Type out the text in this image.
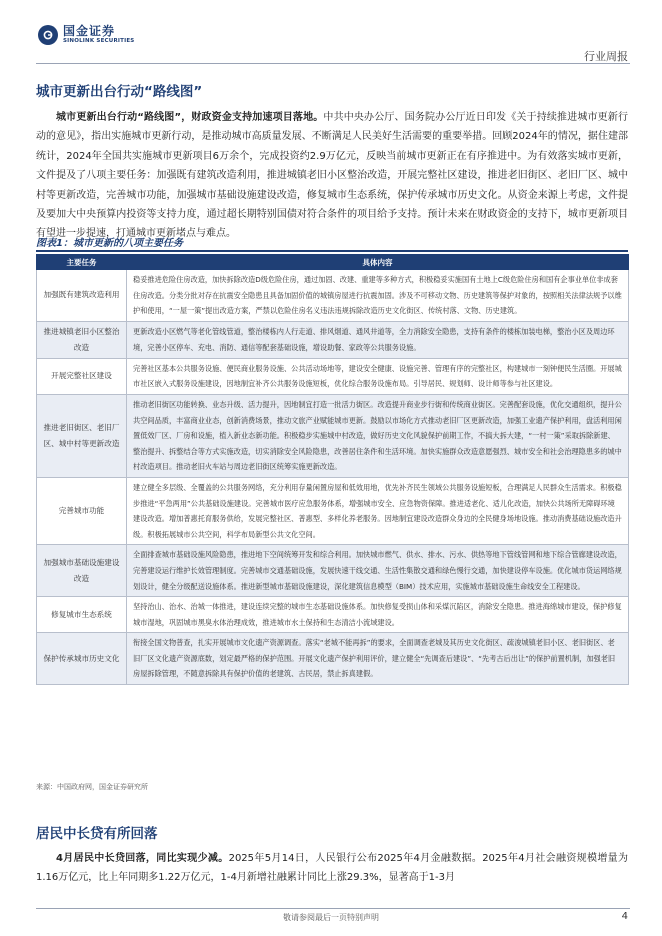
国金证券
SINOLINK SECURITIES
行业周报
城市更新出台行动“路线图”
城市更新出台行动“路线图”，财政资金支持加速项目落地。中共中央办公厅、国务院办公厅近日印发《关于持续推进城市更新行动的意见》，指出实施城市更新行动，是推动城市高质量发展、不断满足人民美好生活需要的重要举措。回顾2024年的情况，据住建部统计，2024年全国共实施城市更新项目6万余个，完成投资约2.9万亿元，反映当前城市更新正在有序推进中。为有效落实城市更新，文件提及了八项主要任务：加强既有建筑改造利用，推进城镇老旧小区整治改造，开展完整社区建设，推进老旧街区、老旧厂区、城中村等更新改造，完善城市功能，加强城市基础设施建设改造，修复城市生态系统，保护传承城市历史文化。从资金来源上考虑，文件提及要加大中央预算内投资等支持力度，通过超长期特别国债对符合条件的项目给予支持。预计未来在财政资金的支持下，城市更新项目有望进一步提速，打通城市更新堵点与难点。
图表1：城市更新的八项主要任务
主要任务	具体内容
加强既有建筑改造利用	稳妥推进危险住房改造，加快拆除改造D级危险住房，通过加固、改建、重建等多种方式，积极稳妥实施国有土地上C级危险住房和国有企事业单位非成套住房改造。分类分批对存在抗震安全隐患且具备加固价值的城镇房屋进行抗震加固。涉及不可移动文物、历史建筑等保护对象的，按照相关法律法规予以维护和使用，“一屋一策”提出改造方案，严禁以危险住房名义违法违规拆除改造历史文化街区、传统村落、文物、历史建筑。
推进城镇老旧小区整治改造	更新改造小区燃气等老化管线管道，整治楼栋内人行走道、排风烟道、通风井道等，全力消除安全隐患，支持有条件的楼栋加装电梯，整治小区及周边环境，完善小区停车、充电、消防、通信等配套基础设施，增设助餐、家政等公共服务设施。
开展完整社区建设	完善社区基本公共服务设施、便民商业服务设施、公共活动场地等，建设安全健康、设施完善、管理有序的完整社区，构建城市一刻钟便民生活圈。开展城市社区嵌入式服务设施建设，因地制宜补齐公共服务设施短板，优化综合服务设施布局。引导居民、规划师、设计师等参与社区建设。
推进老旧街区、老旧厂区、城中村等更新改造	推动老旧街区功能转换、业态升级、活力提升，因地制宜打造一批活力街区。改造提升商业步行街和传统商业街区。完善配套设施，优化交通组织，提升公共空间品质，丰富商业业态，创新消费场景，推动文旅产业赋能城市更新。鼓励以市场化方式推动老旧厂区更新改造，加强工业遗产保护利用，盘活利用闲置低效厂区、厂房和设施，植入新业态新功能。积极稳步实施城中村改造，做好历史文化风貌保护前期工作，不搞大拆大建，“一村一策”采取拆除新建、整治提升、拆整结合等方式实施改造，切实消除安全风险隐患，改善居住条件和生活环境。加快实施群众改造意愿强烈、城市安全和社会治理隐患多的城中村改造项目。推动老旧火车站与周边老旧街区统筹实施更新改造。
完善城市功能	建立健全多层级、全覆盖的公共服务网络，充分利用存量闲置房屋和低效用地，优先补齐民生领域公共服务设施短板，合理满足人民群众生活需求。积极稳步推进“平急两用”公共基础设施建设。完善城市医疗应急服务体系，增强城市安全、应急物资保障。推进适老化、适儿化改造，加快公共场所无障碍环境建设改造。增加普惠托育服务供给，发展完整社区、普惠型、多样化养老服务。因地制宜建设改造群众身边的全民健身场地设施。推动消费基础设施改造升级。积极拓展城市公共空间，科学布局新型公共文化空间。
加强城市基础设施建设改造	全面排查城市基础设施风险隐患，推进地下空间统筹开发和综合利用。加快城市燃气、供水、排水、污水、供热等地下管线管网和地下综合管廊建设改造，完善建设运行维护长效管理制度。完善城市交通基础设施，发展快速干线交通、生活性集散交通和绿色慢行交通，加快建设停车设施。优化城市货运网络规划设计，健全分级配送设施体系。推进新型城市基础设施建设，深化建筑信息模型（BIM）技术应用，实施城市基础设施生命线安全工程建设。
修复城市生态系统	坚持治山、治水、治城一体推进，建设连续完整的城市生态基础设施体系。加快修复受损山体和采煤沉陷区，消除安全隐患。推进海绵城市建设，保护修复城市湿地，巩固城市黑臭水体治理成效，推进城市水土保持和生态清洁小流域建设。
保护传承城市历史文化	衔接全国文物普查，扎实开展城市文化遗产资源调查。落实“老城不能再拆”的要求，全面调查老城及其历史文化街区、疏浚城镇老旧小区、老旧街区、老旧厂区文化遗产资源底数，划定最严格的保护范围。开展文化遗产保护利用评价，建立健全“先调查后建设”、“先考古后出让”的保护前置机制，加强老旧房屋拆除管理，不随意拆除具有保护价值的老建筑、古民居，禁止拆真建假。
来源：中国政府网，国金证券研究所
居民中长贷有所回落
4月居民中长贷回落，同比实现少减。2025年5月14日，人民银行公布2025年4月金融数据。2025年4月社会融资规模增量为1.16万亿元，比上年同期多1.22万亿元，1-4月新增社融累计同比上涨29.3%，显著高于1-3月
敬请参阅最后一页特别声明	4
